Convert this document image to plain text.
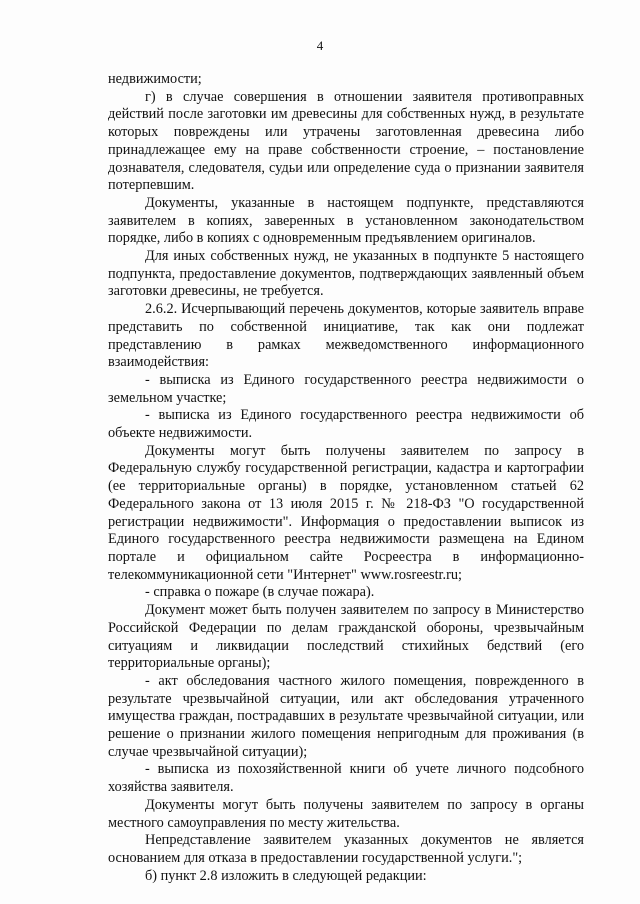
4

недвижимости;

г) в случае совершения в отношении заявителя противоправных действий после заготовки им древесины для собственных нужд, в результате которых повреждены или утрачены заготовленная древесина либо принадлежащее ему на праве собственности строение, – постановление дознавателя, следователя, судьи или определение суда о признании заявителя потерпевшим.

Документы, указанные в настоящем подпункте, представляются заявителем в копиях, заверенных в установленном законодательством порядке, либо в копиях с одновременным предъявлением оригиналов.

Для иных собственных нужд, не указанных в подпункте 5 настоящего подпункта, предоставление документов, подтверждающих заявленный объем заготовки древесины, не требуется.

2.6.2. Исчерпывающий перечень документов, которые заявитель вправе представить по собственной инициативе, так как они подлежат представлению в рамках межведомственного информационного взаимодействия:

- выписка из Единого государственного реестра недвижимости о земельном участке;

- выписка из Единого государственного реестра недвижимости об объекте недвижимости.

Документы могут быть получены заявителем по запросу в Федеральную службу государственной регистрации, кадастра и картографии (ее территориальные органы) в порядке, установленном статьей 62 Федерального закона от 13 июля 2015 г. № 218-ФЗ "О государственной регистрации недвижимости". Информация о предоставлении выписок из Единого государственного реестра недвижимости размещена на Едином портале и официальном сайте Росреестра в информационно-телекоммуникационной сети "Интернет" www.rosreestr.ru;

- справка о пожаре (в случае пожара).

Документ может быть получен заявителем по запросу в Министерство Российской Федерации по делам гражданской обороны, чрезвычайным ситуациям и ликвидации последствий стихийных бедствий (его территориальные органы);

- акт обследования частного жилого помещения, поврежденного в результате чрезвычайной ситуации, или акт обследования утраченного имущества граждан, пострадавших в результате чрезвычайной ситуации, или решение о признании жилого помещения непригодным для проживания (в случае чрезвычайной ситуации);

- выписка из похозяйственной книги об учете личного подсобного хозяйства заявителя.

Документы могут быть получены заявителем по запросу в органы местного самоуправления по месту жительства.

Непредставление заявителем указанных документов не является основанием для отказа в предоставлении государственной услуги.";

б) пункт 2.8 изложить в следующей редакции:
